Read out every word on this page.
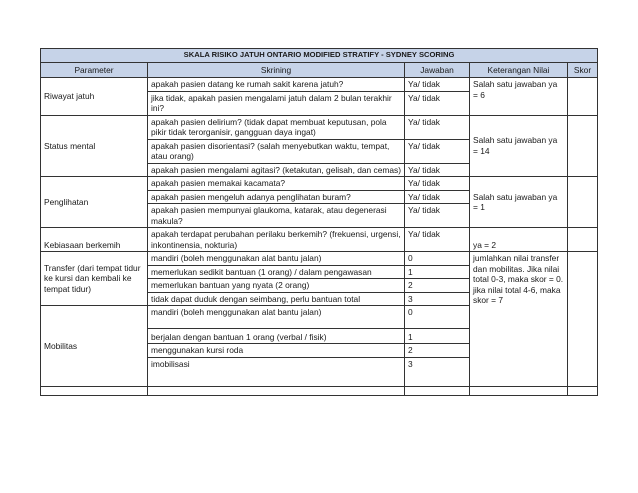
SKALA RISIKO JATUH ONTARIO MODIFIED STRATIFY - SYDNEY SCORING				
Parameter	Skrining	Jawaban	Keterangan Nilai	Skor
Riwayat jatuh	apakah pasien datang ke rumah sakit karena jatuh?	Ya/ tidak	Salah satu jawaban ya = 6	
	jika tidak, apakah pasien mengalami jatuh dalam 2 bulan terakhir ini?	Ya/ tidak		
Status mental	apakah pasien delirium? (tidak dapat membuat keputusan, pola pikir tidak terorganisir, gangguan daya ingat)	Ya/ tidak	Salah satu jawaban ya = 14	
	apakah pasien disorientasi? (salah menyebutkan waktu, tempat, atau orang)	Ya/ tidak		
	apakah pasien mengalami agitasi? (ketakutan, gelisah, dan cemas)	Ya/ tidak		
Penglihatan	apakah pasien memakai kacamata?	Ya/ tidak	Salah satu jawaban ya = 1	
	apakah pasien mengeluh adanya penglihatan buram?	Ya/ tidak		
	apakah pasien mempunyai glaukoma, katarak, atau degenerasi makula?	Ya/ tidak		
Kebiasaan berkemih	apakah terdapat perubahan perilaku berkemih? (frekuensi, urgensi, inkontinensia, nokturia)	Ya/ tidak	ya = 2	
Transfer (dari tempat tidur ke kursi dan kembali ke tempat tidur)	mandiri (boleh menggunakan alat bantu jalan)	0	jumlahkan nilai transfer dan mobilitas. Jika nilai total 0-3, maka skor = 0. jika nilai total 4-6, maka skor = 7	
	memerlukan sedikit bantuan (1 orang) / dalam pengawasan	1		
	memerlukan bantuan yang nyata (2 orang)	2		
	tidak dapat duduk dengan seimbang, perlu bantuan total	3		
Mobilitas	mandiri (boleh menggunakan alat bantu jalan)	0		
	berjalan dengan bantuan 1 orang (verbal / fisik)	1		
	menggunakan kursi roda	2		
	imobilisasi	3		
